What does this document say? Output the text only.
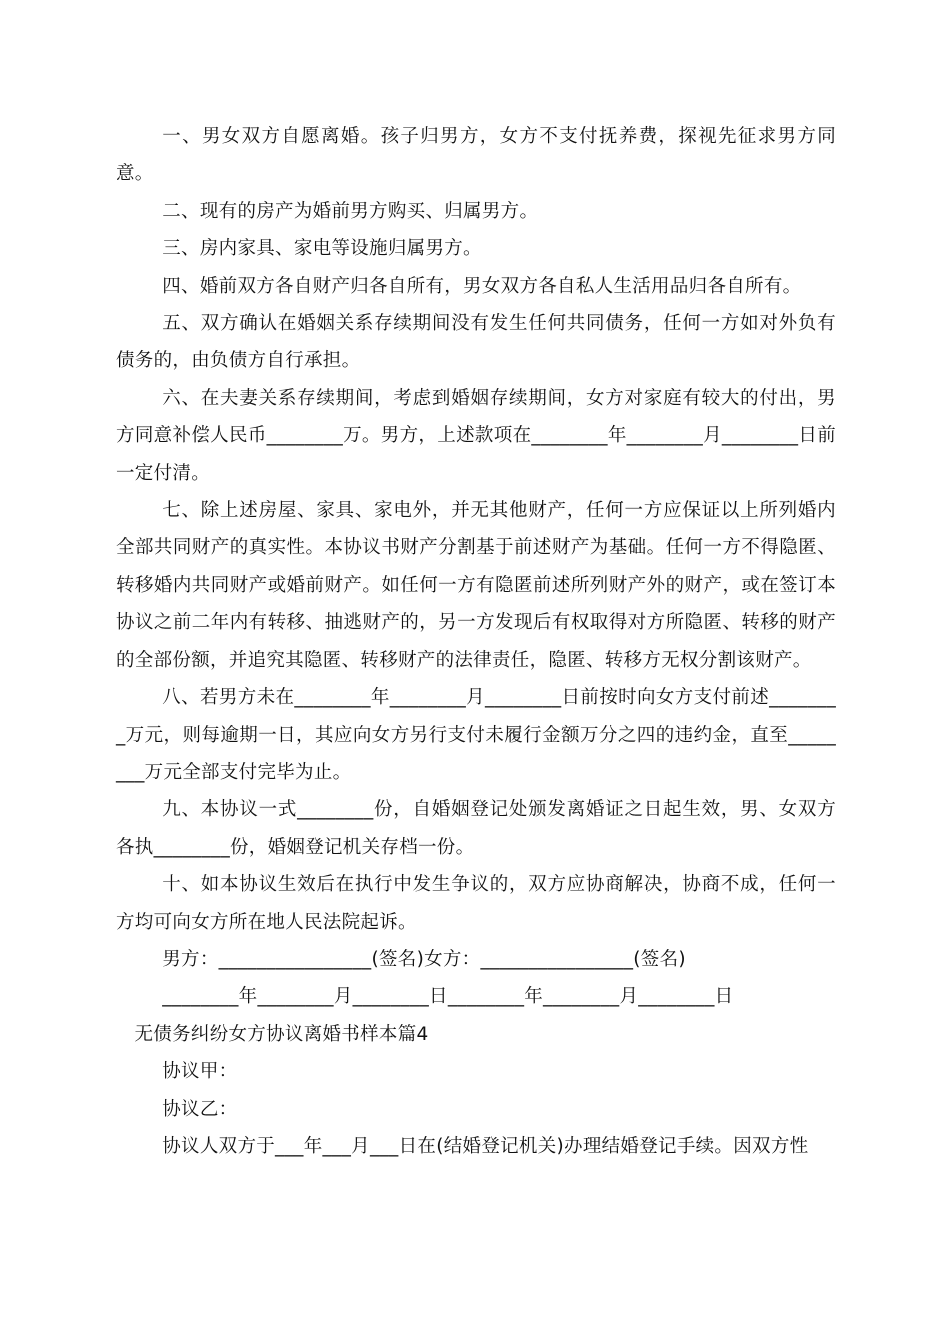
一、男女双方自愿离婚。孩子归男方，女方不支付抚养费，探视先征求男方同意。

二、现有的房产为婚前男方购买、归属男方。

三、房内家具、家电等设施归属男方。

四、婚前双方各自财产归各自所有，男女双方各自私人生活用品归各自所有。

五、双方确认在婚姻关系存续期间没有发生任何共同债务，任何一方如对外负有债务的，由负债方自行承担。

六、在夫妻关系存续期间，考虑到婚姻存续期间，女方对家庭有较大的付出，男方同意补偿人民币________万。男方，上述款项在________年________月________日前一定付清。

七、除上述房屋、家具、家电外，并无其他财产，任何一方应保证以上所列婚内全部共同财产的真实性。本协议书财产分割基于前述财产为基础。任何一方不得隐匿、转移婚内共同财产或婚前财产。如任何一方有隐匿前述所列财产外的财产，或在签订本协议之前二年内有转移、抽逃财产的，另一方发现后有权取得对方所隐匿、转移的财产的全部份额，并追究其隐匿、转移财产的法律责任，隐匿、转移方无权分割该财产。

八、若男方未在________年________月________日前按时向女方支付前述________万元，则每逾期一日，其应向女方另行支付未履行金额万分之四的违约金，直至________万元全部支付完毕为止。

九、本协议一式________份，自婚姻登记处颁发离婚证之日起生效，男、女双方各执________份，婚姻登记机关存档一份。

十、如本协议生效后在执行中发生争议的，双方应协商解决，协商不成，任何一方均可向女方所在地人民法院起诉。

男方：________________(签名)女方：________________(签名)

________年________月________日________年________月________日

无债务纠纷女方协议离婚书样本篇4

协议甲：

协议乙：

协议人双方于___年___月___日在(结婚登记机关)办理结婚登记手续。因双方性
